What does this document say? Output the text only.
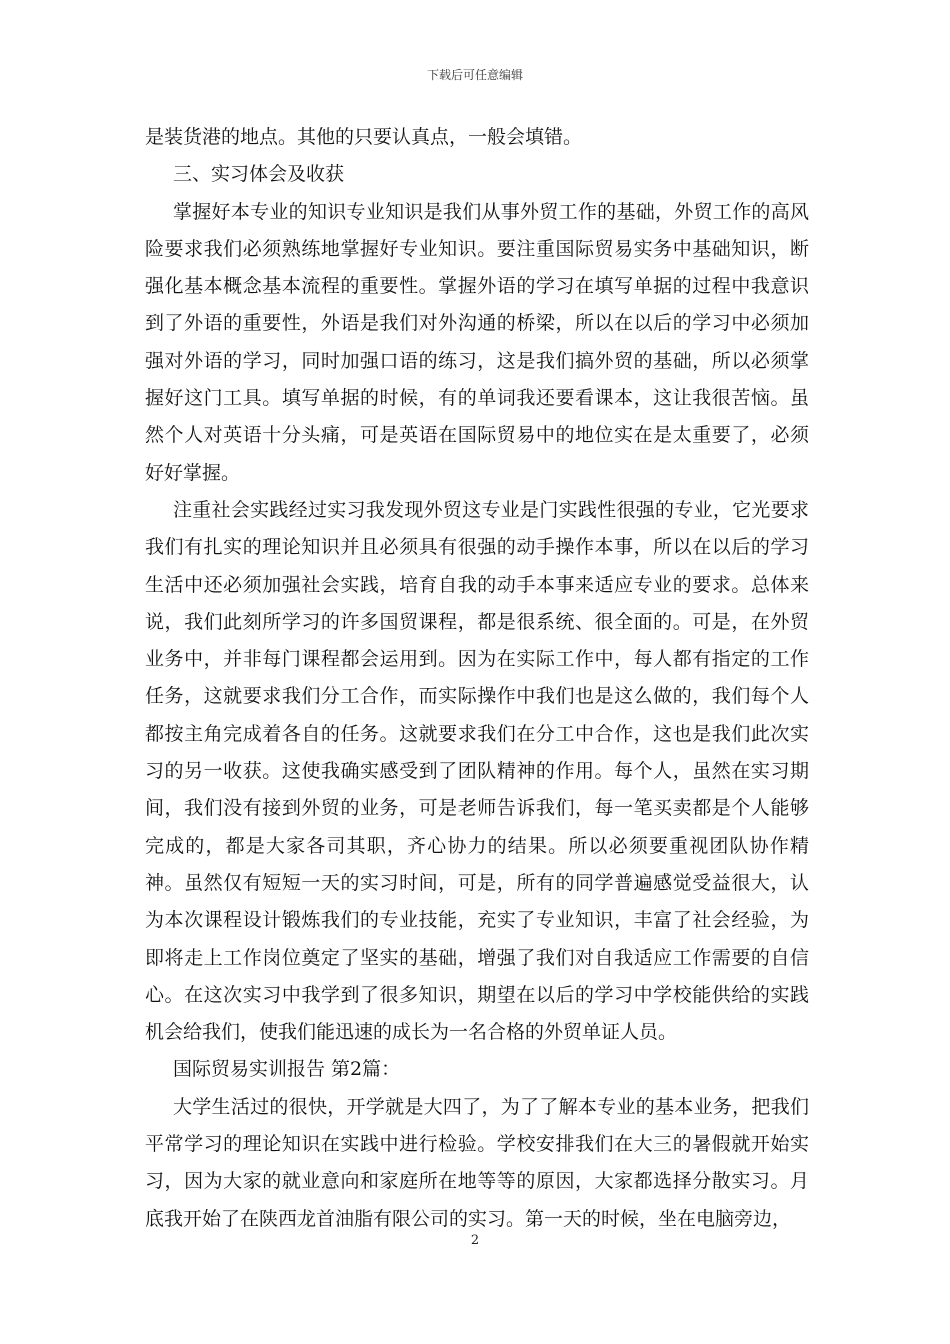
下载后可任意编辑

是装货港的地点。其他的只要认真点，一般会填错。

三、实习体会及收获

掌握好本专业的知识专业知识是我们从事外贸工作的基础，外贸工作的高风险要求我们必须熟练地掌握好专业知识。要注重国际贸易实务中基础知识，断强化基本概念基本流程的重要性。掌握外语的学习在填写单据的过程中我意识到了外语的重要性，外语是我们对外沟通的桥梁，所以在以后的学习中必须加强对外语的学习，同时加强口语的练习，这是我们搞外贸的基础，所以必须掌握好这门工具。填写单据的时候，有的单词我还要看课本，这让我很苦恼。虽然个人对英语十分头痛，可是英语在国际贸易中的地位实在是太重要了，必须好好掌握。

注重社会实践经过实习我发现外贸这专业是门实践性很强的专业，它光要求我们有扎实的理论知识并且必须具有很强的动手操作本事，所以在以后的学习生活中还必须加强社会实践，培育自我的动手本事来适应专业的要求。总体来说，我们此刻所学习的许多国贸课程，都是很系统、很全面的。可是，在外贸业务中，并非每门课程都会运用到。因为在实际工作中，每人都有指定的工作任务，这就要求我们分工合作，而实际操作中我们也是这么做的，我们每个人都按主角完成着各自的任务。这就要求我们在分工中合作，这也是我们此次实习的另一收获。这使我确实感受到了团队精神的作用。每个人，虽然在实习期间，我们没有接到外贸的业务，可是老师告诉我们，每一笔买卖都是个人能够完成的，都是大家各司其职，齐心协力的结果。所以必须要重视团队协作精神。虽然仅有短短一天的实习时间，可是，所有的同学普遍感觉受益很大，认为本次课程设计锻炼我们的专业技能，充实了专业知识，丰富了社会经验，为即将走上工作岗位奠定了坚实的基础，增强了我们对自我适应工作需要的自信心。在这次实习中我学到了很多知识，期望在以后的学习中学校能供给的实践机会给我们，使我们能迅速的成长为一名合格的外贸单证人员。

国际贸易实训报告 第2篇：

大学生活过的很快，开学就是大四了，为了了解本专业的基本业务，把我们平常学习的理论知识在实践中进行检验。学校安排我们在大三的暑假就开始实习，因为大家的就业意向和家庭所在地等等的原因，大家都选择分散实习。月底我开始了在陕西龙首油脂有限公司的实习。第一天的时候，坐在电脑旁边，

2
